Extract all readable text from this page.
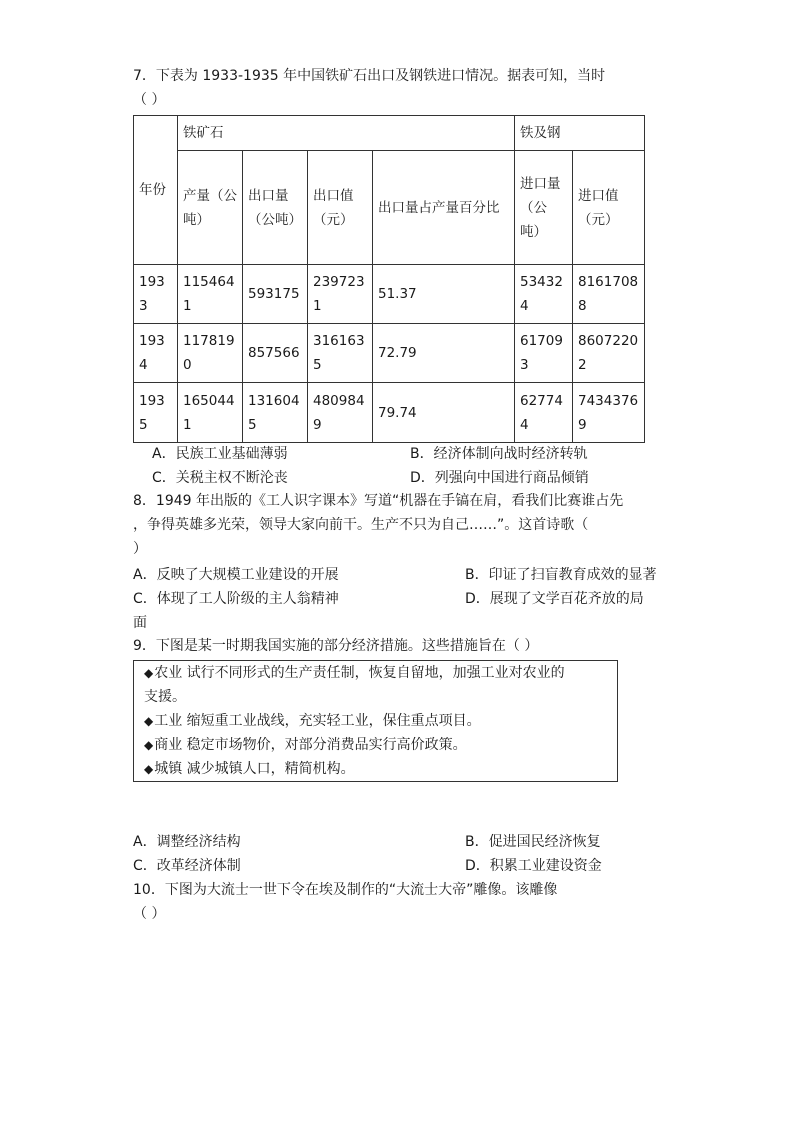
7．下表为 1933-1935 年中国铁矿石出口及钢铁进口情况。据表可知，当时
（ ）
年份	铁矿石				铁及钢	
	产量（公吨）	出口量（公吨）	出口值（元）	出口量占产量百分比	进口量（公吨）	进口值（元）
1933	1154641	593175	2397231	51.37	534324	81617088
1934	1178190	857566	3161635	72.79	617093	86072202
1935	1650441	1316045	4809849	79.74	627744	74343769
A．民族工业基础薄弱	B．经济体制向战时经济转轨
C．关税主权不断沦丧	D．列强向中国进行商品倾销
8．1949 年出版的《工人识字课本》写道“机器在手镐在肩，看我们比赛谁占先
，争得英雄多光荣，领导大家向前干。生产不只为自己……”。这首诗歌（
）
A．反映了大规模工业建设的开展	B．印证了扫盲教育成效的显著
C．体现了工人阶级的主人翁精神	D．展现了文学百花齐放的局
面
9．下图是某一时期我国实施的部分经济措施。这些措施旨在（ ）
◆农业 试行不同形式的生产责任制，恢复自留地，加强工业对农业的
支援。
◆工业 缩短重工业战线，充实轻工业，保住重点项目。
◆商业 稳定市场物价，对部分消费品实行高价政策。
◆城镇 减少城镇人口，精简机构。
A．调整经济结构	B．促进国民经济恢复
C．改革经济体制	D．积累工业建设资金
10．下图为大流士一世下令在埃及制作的“大流士大帝”雕像。该雕像
（ ）
